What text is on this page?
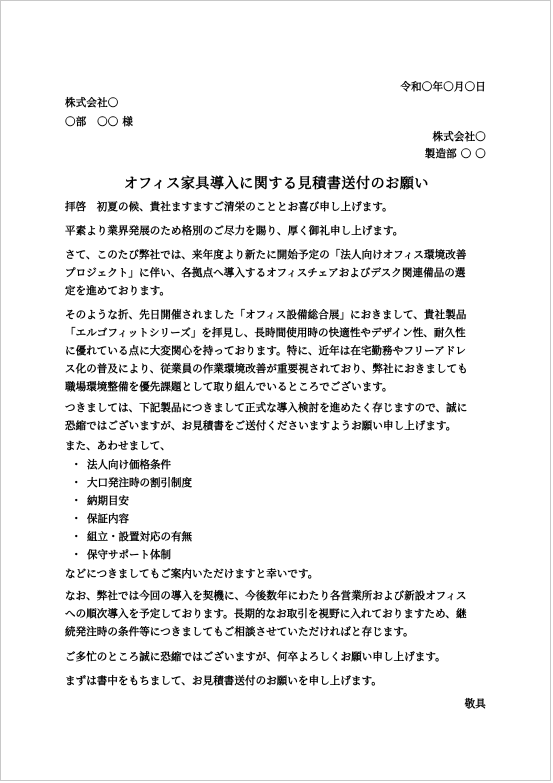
令和〇年〇月〇日
株式会社〇
〇部　〇〇 様
株式会社〇
製造部 〇 〇
オフィス家具導入に関する見積書送付のお願い

拝啓　初夏の候、貴社ますますご清栄のこととお喜び申し上げます。

平素より業界発展のため格別のご尽力を賜り、厚く御礼申し上げます。

さて、このたび弊社では、来年度より新たに開始予定の「法人向けオフィス環境改善

プロジェクト」に伴い、各拠点へ導入するオフィスチェアおよびデスク関連備品の選

定を進めております。

そのような折、先日開催されました「オフィス設備総合展」におきまして、貴社製品

「エルゴフィットシリーズ」を拝見し、長時間使用時の快適性やデザイン性、耐久性

に優れている点に大変関心を持っております。特に、近年は在宅勤務やフリーアドレ

ス化の普及により、従業員の作業環境改善が重要視されており、弊社におきましても

職場環境整備を優先課題として取り組んでいるところでございます。

つきましては、下記製品につきまして正式な導入検討を進めたく存じますので、誠に

恐縮ではございますが、お見積書をご送付くださいますようお願い申し上げます。

また、あわせまして、

・ 法人向け価格条件
・ 大口発注時の割引制度
・ 納期目安
・ 保証内容
・ 組立・設置対応の有無
・ 保守サポート体制

などにつきましてもご案内いただけますと幸いです。

なお、弊社では今回の導入を契機に、今後数年にわたり各営業所および新設オフィス

への順次導入を予定しております。長期的なお取引を視野に入れておりますため、継

続発注時の条件等につきましてもご相談させていただければと存じます。

ご多忙のところ誠に恐縮ではございますが、何卒よろしくお願い申し上げます。

まずは書中をもちまして、お見積書送付のお願いを申し上げます。

敬具
